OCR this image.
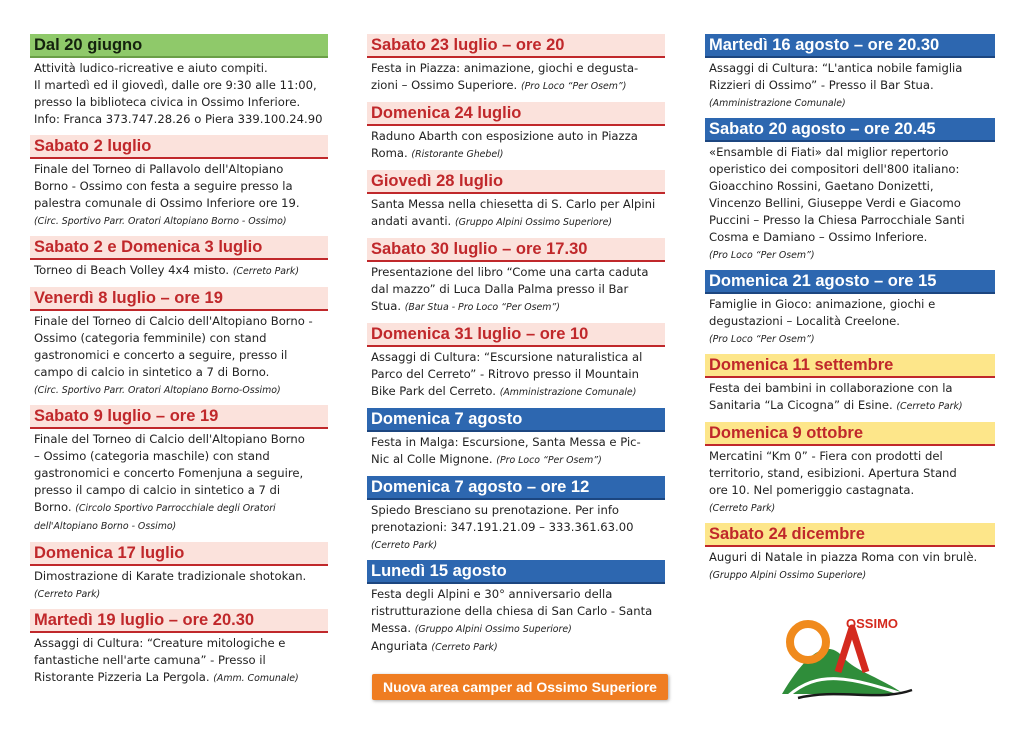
Dal 20 giugno
Attività ludico-ricreative e aiuto compiti.
Il martedì ed il giovedì, dalle ore 9:30 alle 11:00,
presso la biblioteca civica in Ossimo Inferiore.
Info: Franca 373.747.28.26 o Piera 339.100.24.90
Sabato 2 luglio
Finale del Torneo di Pallavolo dell'Altopiano
Borno - Ossimo con festa a seguire presso la
palestra comunale di Ossimo Inferiore ore 19.
(Circ. Sportivo Parr. Oratori Altopiano Borno - Ossimo)
Sabato 2 e Domenica 3 luglio
Torneo di Beach Volley 4x4 misto. (Cerreto Park)
Venerdì 8 luglio – ore 19
Finale del Torneo di Calcio dell'Altopiano Borno -
Ossimo (categoria femminile) con stand
gastronomici e concerto a seguire, presso il
campo di calcio in sintetico a 7 di Borno.
(Circ. Sportivo Parr. Oratori Altopiano Borno-Ossimo)
Sabato 9 luglio – ore 19
Finale del Torneo di Calcio dell'Altopiano Borno
– Ossimo (categoria maschile) con stand
gastronomici e concerto Fomenjuna a seguire,
presso il campo di calcio in sintetico a 7 di
Borno. (Circolo Sportivo Parrocchiale degli Oratori dell'Altopiano Borno - Ossimo)
Domenica 17 luglio
Dimostrazione di Karate tradizionale shotokan.
(Cerreto Park)
Martedì 19 luglio – ore 20.30
Assaggi di Cultura: “Creature mitologiche e
fantastiche nell'arte camuna” - Presso il
Ristorante Pizzeria La Pergola. (Amm. Comunale)
Sabato 23 luglio – ore 20
Festa in Piazza: animazione, giochi e degusta-
zioni – Ossimo Superiore. (Pro Loco “Per Osem”)
Domenica 24 luglio
Raduno Abarth con esposizione auto in Piazza
Roma. (Ristorante Ghebel)
Giovedì 28 luglio
Santa Messa nella chiesetta di S. Carlo per Alpini
andati avanti. (Gruppo Alpini Ossimo Superiore)
Sabato 30 luglio – ore 17.30
Presentazione del libro “Come una carta caduta
dal mazzo” di Luca Dalla Palma presso il Bar
Stua. (Bar Stua - Pro Loco “Per Osem”)
Domenica 31 luglio – ore 10
Assaggi di Cultura: “Escursione naturalistica al
Parco del Cerreto” - Ritrovo presso il Mountain
Bike Park del Cerreto. (Amministrazione Comunale)
Domenica 7 agosto
Festa in Malga: Escursione, Santa Messa e Pic-
Nic al Colle Mignone. (Pro Loco “Per Osem”)
Domenica 7 agosto – ore 12
Spiedo Bresciano su prenotazione. Per info
prenotazioni: 347.191.21.09 – 333.361.63.00
(Cerreto Park)
Lunedì 15 agosto
Festa degli Alpini e 30° anniversario della
ristrutturazione della chiesa di San Carlo - Santa
Messa. (Gruppo Alpini Ossimo Superiore)
Anguriata (Cerreto Park)
Martedì 16 agosto – ore 20.30
Assaggi di Cultura: “L'antica nobile famiglia
Rizzieri di Ossimo” - Presso il Bar Stua.
(Amministrazione Comunale)
Sabato 20 agosto – ore 20.45
«Ensamble di Fiati» dal miglior repertorio
operistico dei compositori dell'800 italiano:
Gioacchino Rossini, Gaetano Donizetti,
Vincenzo Bellini, Giuseppe Verdi e Giacomo
Puccini – Presso la Chiesa Parrocchiale Santi
Cosma e Damiano – Ossimo Inferiore.
(Pro Loco “Per Osem”)
Domenica 21 agosto – ore 15
Famiglie in Gioco: animazione, giochi e
degustazioni – Località Creelone.
(Pro Loco “Per Osem”)
Domenica 11 settembre
Festa dei bambini in collaborazione con la
Sanitaria “La Cicogna” di Esine. (Cerreto Park)
Domenica 9 ottobre
Mercatini “Km 0” - Fiera con prodotti del
territorio, stand, esibizioni. Apertura Stand
ore 10. Nel pomeriggio castagnata.
(Cerreto Park)
Sabato 24 dicembre
Auguri di Natale in piazza Roma con vin brulè.
(Gruppo Alpini Ossimo Superiore)
Nuova area camper ad Ossimo Superiore
OSSIMO
